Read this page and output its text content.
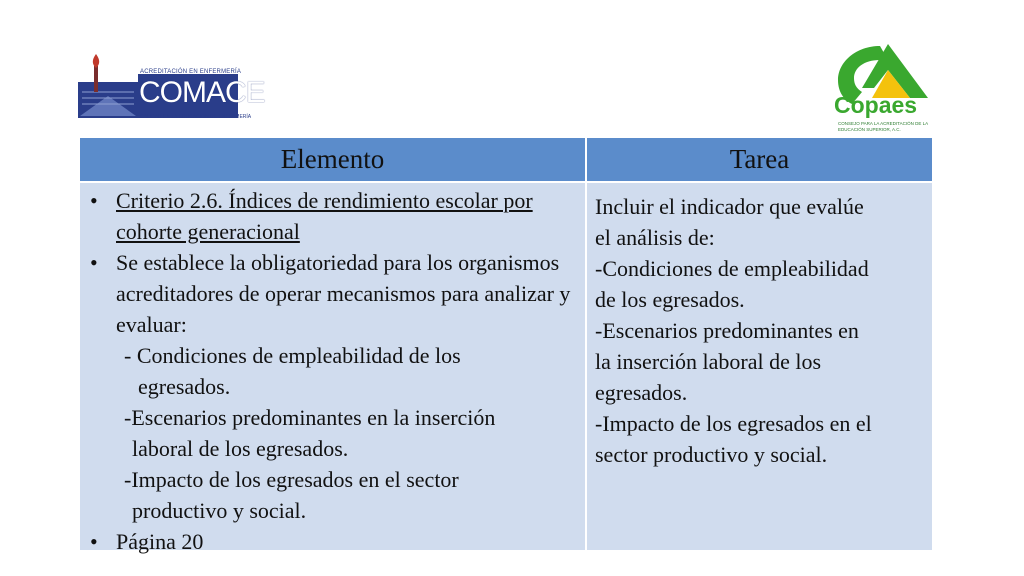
ACREDITACIÓN EN ENFERMERÍA
COMACE
CALIDAD EN LA EDUCACIÓN DE ENFERMERÍA	Copaes
CONSEJO PARA LA ACREDITACIÓN DE LA EDUCACIÓN SUPERIOR, A.C.
Elemento	Tarea
• Criterio 2.6. Índices de rendimiento escolar por cohorte generacional
• Se establece la obligatoriedad para los organismos acreditadores de operar mecanismos para analizar y evaluar:
- Condiciones de empleabilidad de los
egresados.
-Escenarios predominantes en la inserción
laboral de los egresados.
-Impacto de los egresados en el sector
productivo y social.
• Página 20
Incluir el indicador que evalúe
el análisis de:
-Condiciones de empleabilidad
de los egresados.
-Escenarios predominantes en
la inserción laboral de los
egresados.
-Impacto de los egresados en el
sector productivo y social.
